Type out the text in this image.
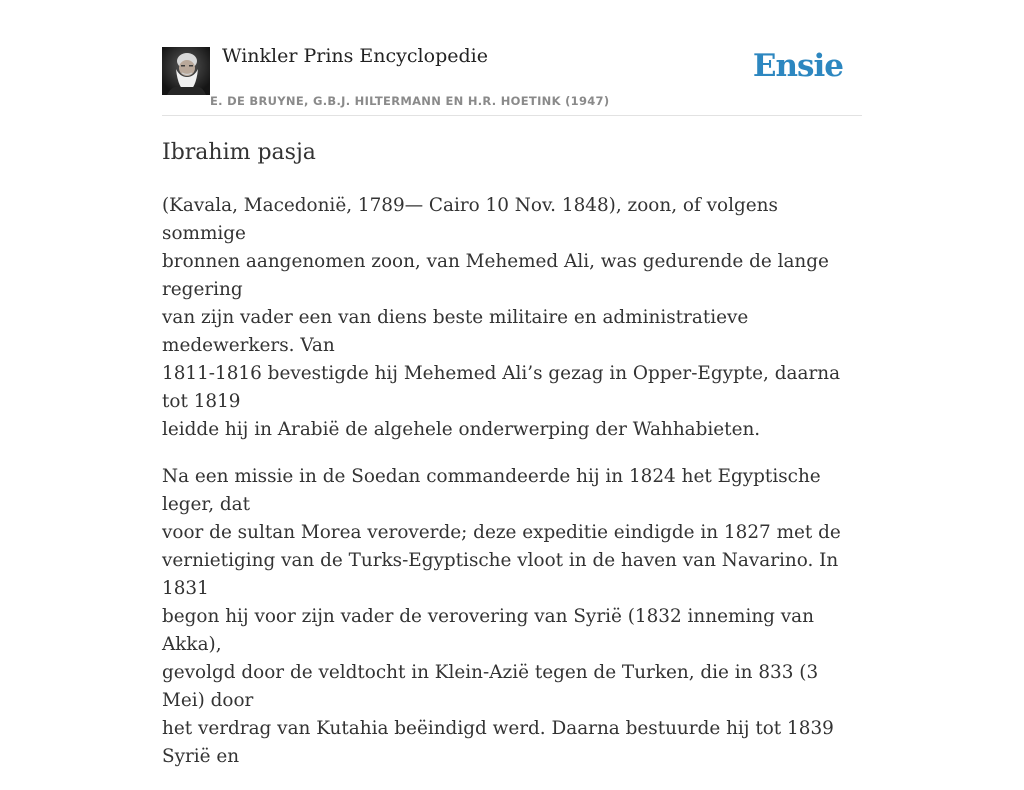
Winkler Prins Encyclopedie
E. DE BRUYNE, G.B.J. HILTERMANN EN H.R. HOETINK (1947)
Ensie
Ibrahim pasja

(Kavala, Macedonië, 1789— Cairo 10 Nov. 1848), zoon, of volgens sommige
bronnen aangenomen zoon, van Mehemed Ali, was gedurende de lange regering
van zijn vader een van diens beste militaire en administratieve medewerkers. Van
1811-1816 bevestigde hij Mehemed Ali’s gezag in Opper-Egypte, daarna tot 1819
leidde hij in Arabië de algehele onderwerping der Wahhabieten.

Na een missie in de Soedan commandeerde hij in 1824 het Egyptische leger, dat
voor de sultan Morea veroverde; deze expeditie eindigde in 1827 met de
vernietiging van de Turks-Egyptische vloot in de haven van Navarino. In 1831
begon hij voor zijn vader de verovering van Syrië (1832 inneming van Akka),
gevolgd door de veldtocht in Klein-Azië tegen de Turken, die in 833 (3 Mei) door
het verdrag van Kutahia beëindigd werd. Daarna bestuurde hij tot 1839 Syrië en
